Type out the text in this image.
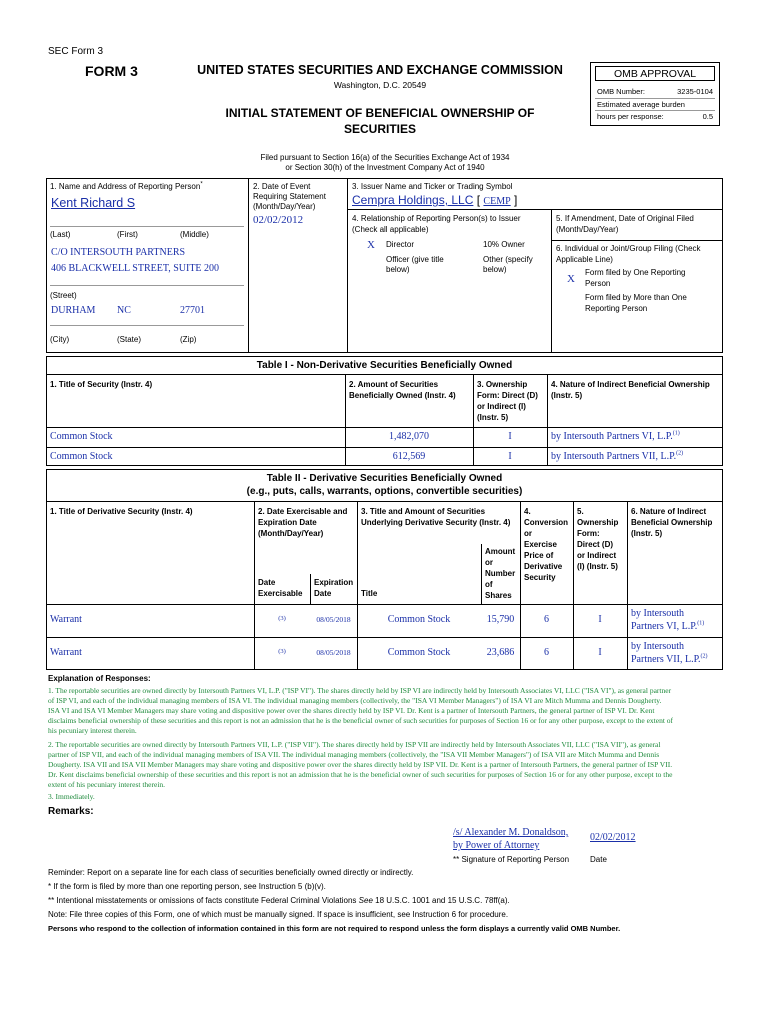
SEC Form 3
FORM 3	UNITED STATES SECURITIES AND EXCHANGE COMMISSION
Washington, D.C. 20549
INITIAL STATEMENT OF BENEFICIAL OWNERSHIP OF
SECURITIES
OMB APPROVAL
OMB Number:	3235-0104
Estimated average burden
hours per response:	0.5
Filed pursuant to Section 16(a) of the Securities Exchange Act of 1934
or Section 30(h) of the Investment Company Act of 1940
1. Name and Address of Reporting Person*
Kent Richard S
(Last)	(First)	(Middle)
C/O INTERSOUTH PARTNERS
406 BLACKWELL STREET, SUITE 200
(Street)
DURHAM NC	27701
(City)	(State)	(Zip)
2. Date of Event
Requiring Statement
(Month/Day/Year)
02/02/2012
3. Issuer Name and Ticker or Trading Symbol
Cempra Holdings, LLC [ CEMP ]
4. Relationship of Reporting Person(s) to Issuer
(Check all applicable)
X Director	10% Owner
Officer (give title
below)
Other (specify
below)
5. If Amendment, Date of Original Filed
(Month/Day/Year)
6. Individual or Joint/Group Filing (Check
Applicable Line)
X
Form filed by One Reporting
Person
Form filed by More than One
Reporting Person
Table I - Non-Derivative Securities Beneficially Owned
1. Title of Security (Instr. 4)	2. Amount of Securities
Beneficially Owned (Instr. 4)
3. Ownership
Form: Direct (D)
or Indirect (I)
(Instr. 5)
4. Nature of Indirect Beneficial Ownership
(Instr. 5)
Common Stock	1,482,070	I	by Intersouth Partners VI, L.P.$^{(1)}$
Common Stock	612,569	I	by Intersouth Partners VII, L.P.$^{(2)}$
Table II - Derivative Securities Beneficially Owned
(e.g., puts, calls, warrants, options, convertible securities)
1. Title of Derivative Security (Instr. 4)	2. Date Exercisable and
Expiration Date
(Month/Day/Year)
Date
Exercisable
Expiration
Date
3. Title and Amount of Securities
Underlying Derivative Security (Instr. 4)
Title
Amount
or
Number
of
Shares
4.
Conversion
or
Exercise
Price of
Derivative
Security
5.
Ownership
Form:
Direct (D)
or Indirect
(I) (Instr. 5)
6. Nature of Indirect
Beneficial Ownership
(Instr. 5)
Warrant	(3)	08/05/2018	Common Stock	15,790	6	I
by Intersouth
Partners VI, L.P.$^{(1)}$
Warrant	(3)	08/05/2018	Common Stock	23,686	6	I
by Intersouth
Partners VII, L.P.$^{(2)}$
Explanation of Responses:
1. The reportable securities are owned directly by Intersouth Partners VI, L.P. ("ISP VI"). The shares directly held by ISP VI are indirectly held by Intersouth Associates VI, LLC ("ISA VI"), as general partner
of ISP VI, and each of the individual managing members of ISA VI. The individual managing members (collectively, the "ISA VI Member Managers") of ISA VI are Mitch Mumma and Dennis Dougherty.
ISA VI and ISA VI Member Managers may share voting and dispositive power over the shares directly held by ISP VI. Dr. Kent is a partner of Intersouth Partners, the general partner of ISP VI. Dr. Kent
disclaims beneficial ownership of these securities and this report is not an admission that he is the beneficial owner of such securities for purposes of Section 16 or for any other purpose, except to the extent of
his pecuniary interest therein.
2. The reportable securities are owned directly by Intersouth Partners VII, L.P. ("ISP VII"). The shares directly held by ISP VII are indirectly held by Intersouth Associates VII, LLC ("ISA VII"), as general
partner of ISP VII, and each of the individual managing members of ISA VII. The individual managing members (collectively, the "ISA VII Member Managers") of ISA VII are Mitch Mumma and Dennis
Dougherty. ISA VII and ISA VII Member Managers may share voting and dispositive power over the shares directly held by ISP VII. Dr. Kent is a partner of Intersouth Partners, the general partner of ISP VII.
Dr. Kent disclaims beneficial ownership of these securities and this report is not an admission that he is the beneficial owner of such securities for purposes of Section 16 or for any other purpose, except to the
extent of his pecuniary interest therein.
3. Immediately.
Remarks:
/s/ Alexander M. Donaldson,
by Power of Attorney
02/02/2012
** Signature of Reporting Person	Date
Reminder: Report on a separate line for each class of securities beneficially owned directly or indirectly.
* If the form is filed by more than one reporting person, see Instruction 5 (b)(v).
** Intentional misstatements or omissions of facts constitute Federal Criminal Violations See 18 U.S.C. 1001 and 15 U.S.C. 78ff(a).
Note: File three copies of this Form, one of which must be manually signed. If space is insufficient, see Instruction 6 for procedure.
Persons who respond to the collection of information contained in this form are not required to respond unless the form displays a currently valid OMB Number.
